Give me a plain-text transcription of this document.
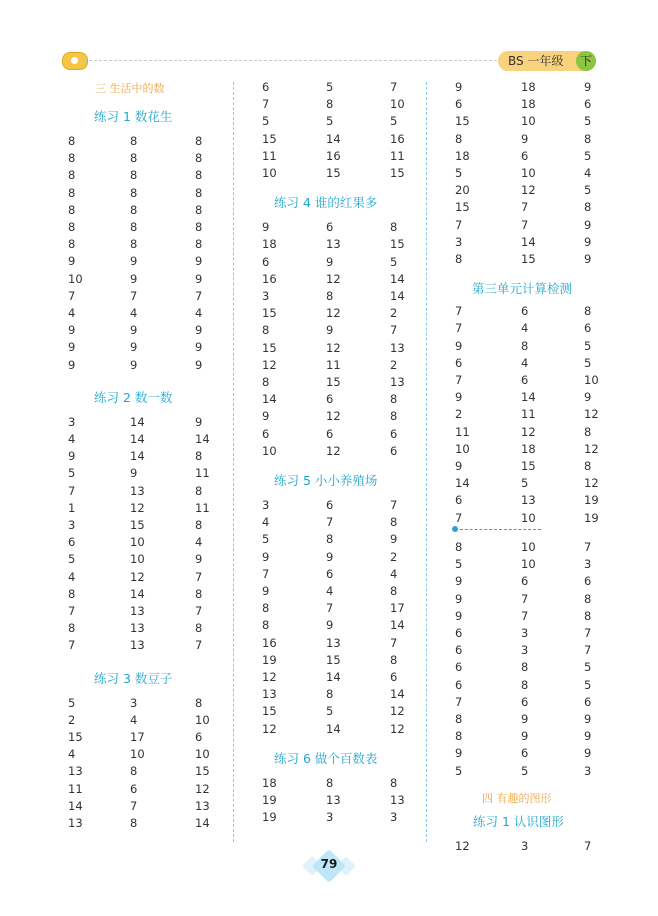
BS 一年级	下
三 生活中的数
练习 1 数花生
8	8	8
8	8	8
8	8	8
8	8	8
8	8	8
8	8	8
8	8	8
9	9	9
10	9	9
7	7	7
4	4	4
9	9	9
9	9	9
9	9	9
练习 2 数一数
3	14	9
4	14	14
9	14	8
5	9	11
7	13	8
1	12	11
3	15	8
6	10	4
5	10	9
4	12	7
8	14	8
7	13	7
8	13	8
7	13	7
练习 3 数豆子
5	3	8
2	4	10
15	17	6
4	10	10
13	8	15
11	6	12
14	7	13
13	8	14
6	5	7
7	8	10
5	5	5
15	14	16
11	16	11
10	15	15
练习 4 谁的红果多
9	6	8
18	13	15
6	9	5
16	12	14
3	8	14
15	12	2
8	9	7
15	12	13
12	11	2
8	15	13
14	6	8
9	12	8
6	6	6
10	12	6
练习 5 小小养殖场
3	6	7
4	7	8
5	8	9
9	9	2
7	6	4
9	4	8
8	7	17
8	9	14
16	13	7
19	15	8
12	14	6
13	8	14
15	5	12
12	14	12
练习 6 做个百数表
18	8	8
19	13	13
19	3	3
9	18	9
6	18	6
15	10	5
8	9	8
18	6	5
5	10	4
20	12	5
15	7	8
7	7	9
3	14	9
8	15	9
第三单元计算检测
7	6	8
7	4	6
9	8	5
6	4	5
7	6	10
9	14	9
2	11	12
11	12	8
10	18	12
9	15	8
14	5	12
6	13	19
7	10	19
8	10	7
5	10	3
9	6	6
9	7	8
9	7	8
6	3	7
6	3	7
6	8	5
6	8	5
7	6	6
8	9	9
8	9	9
9	6	9
5	5	3
四 有趣的图形
练习 1 认识图形
12	3	7
79
